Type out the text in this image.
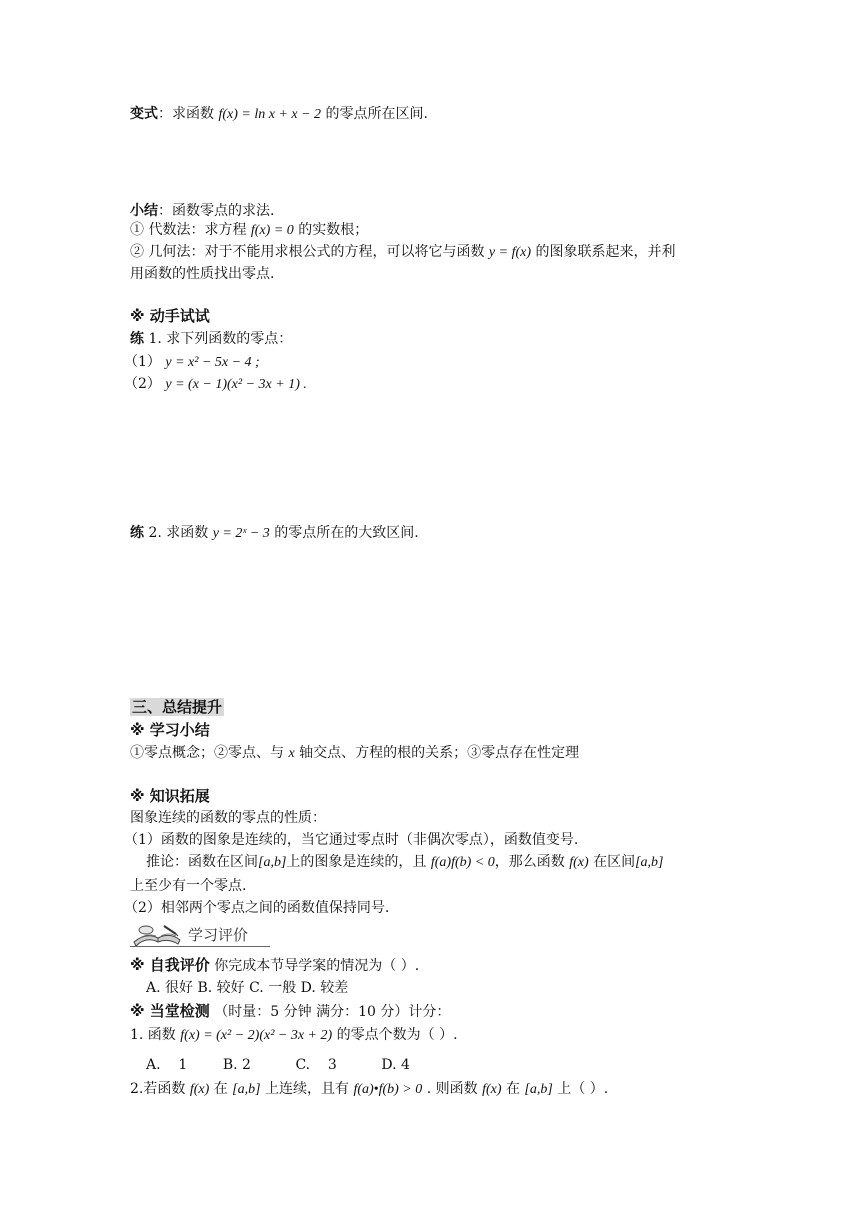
变式：求函数 f(x) = ln x + x − 2 的零点所在区间.
小结：函数零点的求法.
① 代数法：求方程 f(x) = 0 的实数根；
② 几何法：对于不能用求根公式的方程，可以将它与函数 y = f(x) 的图象联系起来，并利
用函数的性质找出零点.
※ 动手试试
练 1. 求下列函数的零点：
（1） y = x² − 5x − 4 ;
（2） y = (x − 1)(x² − 3x + 1) .
练 2. 求函数 y = 2ˣ − 3 的零点所在的大致区间.
三、总结提升
※ 学习小结
①零点概念；②零点、与 x 轴交点、方程的根的关系；③零点存在性定理
※ 知识拓展
图象连续的函数的零点的性质：
（1）函数的图象是连续的，当它通过零点时（非偶次零点），函数值变号.
推论：函数在区间[a,b]上的图象是连续的，且 f(a)f(b) < 0，那么函数 f(x) 在区间[a,b]
上至少有一个零点.
（2）相邻两个零点之间的函数值保持同号.
学习评价
※ 自我评价 你完成本节导学案的情况为（ ）.
A. 很好 B. 较好 C. 一般 D. 较差
※ 当堂检测 （时量：5 分钟 满分：10 分）计分：
1. 函数 f(x) = (x² − 2)(x² − 3x + 2) 的零点个数为（ ）.
A.    1        B. 2          C.    3          D. 4
2.若函数 f(x) 在 [a,b] 上连续，且有 f(a)•f(b) > 0 . 则函数 f(x) 在 [a,b] 上（ ）.
